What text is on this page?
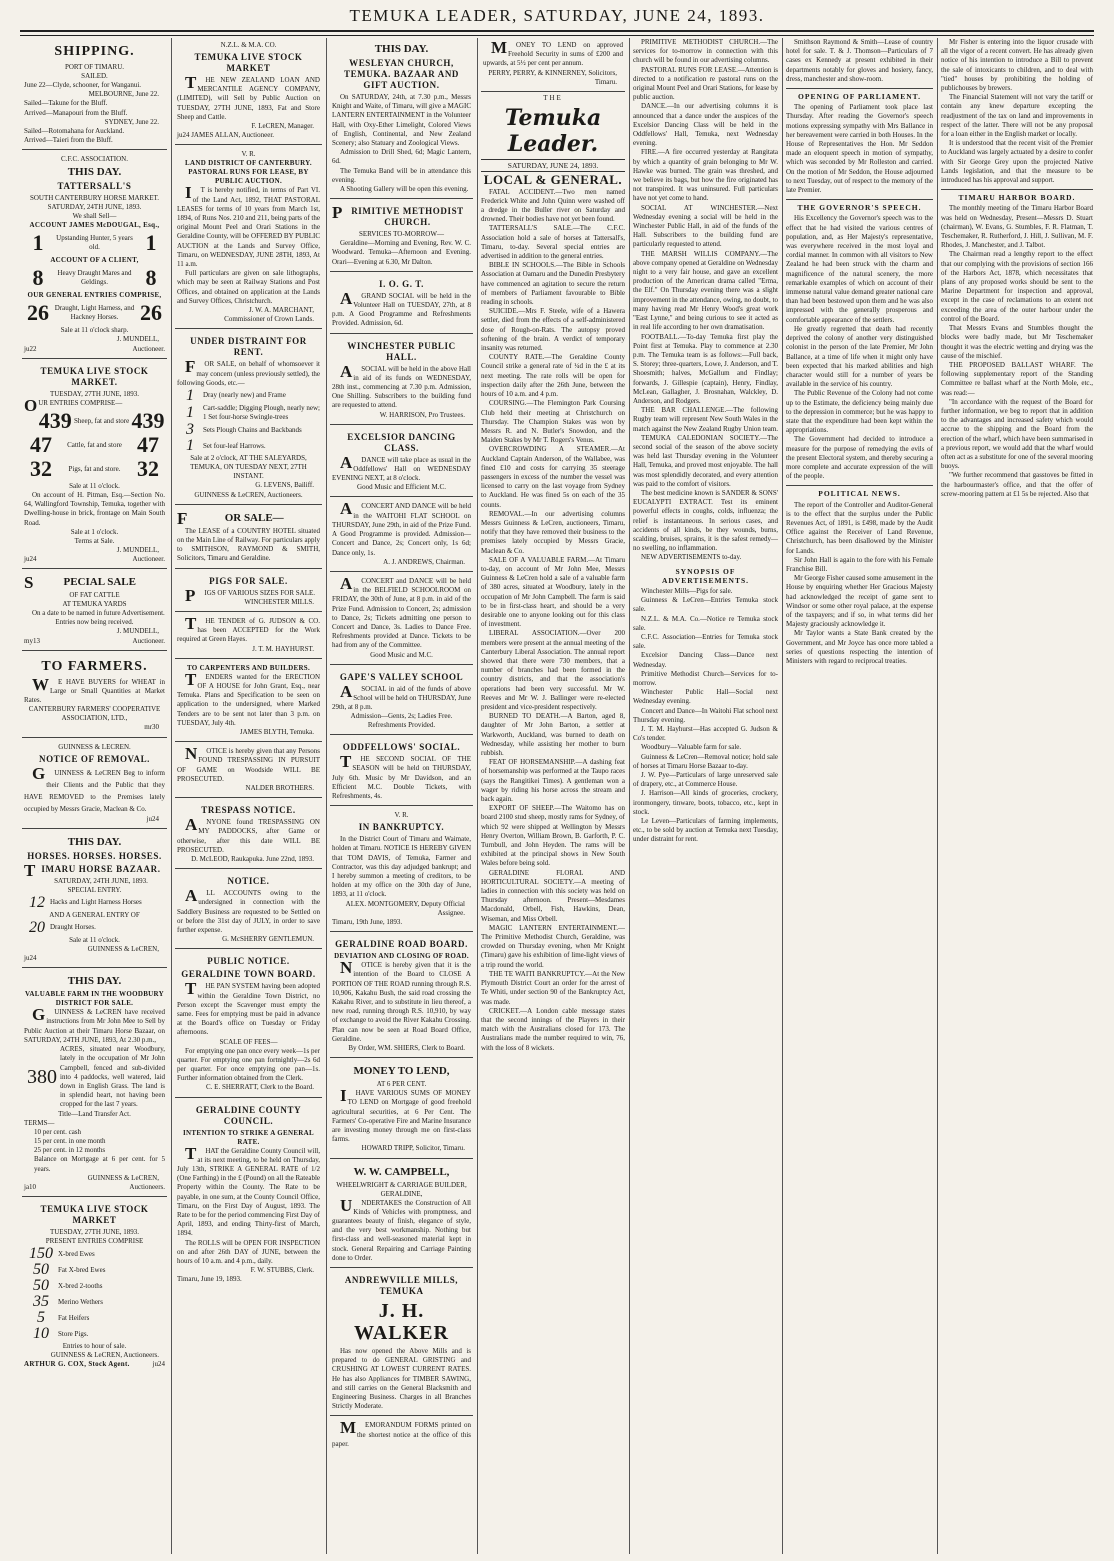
TEMUKA LEADER, SATURDAY, JUNE 24, 1893.
SHIPPING.
PORT OF TIMARU.
SAILED.
June 22—Clyde, schooner, for Wanganui.
MELBOURNE, June 22.
Sailed—Takune for the Bluff.
Arrived—Manapouri from the Bluff.
SYDNEY, June 22.
Sailed—Rotomahana for Auckland.
Arrived—Taieri from the Bluff.
C.F.C. ASSOCIATION.
THIS DAY.
TATTERSALL'S
SOUTH CANTERBURY HORSE MARKET.
SATURDAY, 24TH JUNE, 1893.
We shall Sell—
ACCOUNT JAMES McDOUGAL, Esq.,
1	Upstanding Hunter, 5 years old.	1
ACCOUNT OF A CLIENT,
8	Heavy Draught Mares and Geldings.	8
OUR GENERAL ENTRIES COMPRISE,
26 Draught, Light Harness, and Hackney Horses. 26
Sale at 11 o'clock sharp.
J. MUNDELL,
ju22	Auctioneer.
TEMUKA LIVE STOCK MARKET.
TUESDAY, 27TH JUNE, 1893.
OUR ENTRIES COMPRISE—
439 Sheep, fat and store 439
47	Cattle, fat and store 47
32	Pigs, fat and store. 32
Sale at 11 o'clock.
On account of H. Pitman, Esq.—Section No. 64, Wallingford Township, Temuka, together with Dwelling-house in brick, frontage on Main South Road.
Sale at 1 o'clock.
Terms at Sale.
J. MUNDELL,
ju24	Auctioneer.
SPECIAL SALE
OF FAT CATTLE
AT TEMUKA YARDS
On a date to be named in future Advertisement.
Entries now being received.
J. MUNDELL,
my13	Auctioneer.
TO FARMERS.
WE HAVE BUYERS for WHEAT in Large or Small Quantities at Market Rates.
CANTERBURY FARMERS' COOPERATIVE ASSOCIATION, LTD.,
mr30
GUINNESS & LECREN.
NOTICE OF REMOVAL.
GUINNESS & LeCREN Beg to inform their Clients and the Public that they HAVE REMOVED to the Premises lately occupied by Messrs Gracie, Maclean & Co.
ju24
THIS DAY.
HORSES. HORSES. HORSES.
TIMARU HORSE BAZAAR.
SATURDAY, 24TH JUNE, 1893.
SPECIAL ENTRY.
12 Hacks and Light Harness Horses
AND A GENERAL ENTRY OF
20 Draught Horses.
Sale at 11 o'clock.
GUINNESS & LeCREN,
ju24
THIS DAY.
VALUABLE FARM IN THE WOODBURY DISTRICT FOR SALE.
GUINNESS & LeCREN have received instructions from Mr John Mee to Sell by Public Auction at their Timaru Horse Bazaar, on SATURDAY, 24TH JUNE, 1893, At 2.30 p.m.,
380
ACRES, situated near Woodbury, lately in the occupation of Mr John Campbell, fenced and sub-divided into 4 paddocks, well watered, laid down in English Grass. The land is in splendid heart, not having been cropped for the last 7 years.
Title—Land Transfer Act.
TERMS—
10 per cent. cash
15 per cent. in one month
25 per cent. in 12 months
Balance on Mortgage at 6 per cent. for 5 years.
GUINNESS & LeCREN,
ja10	Auctioneers.
TEMUKA LIVE STOCK MARKET
TUESDAY, 27TH JUNE, 1893.
PRESENT ENTRIES COMPRISE
150 X-bred Ewes
50	Fat X-bred Ewes
50	X-bred 2-tooths
35	Merino Wethers
5	Fat Heifers
10	Store Pigs.
Entries to hour of sale.
GUINNESS & LeCREN, Auctioneers.
ARTHUR G. COX, Stock Agent.	ju24
N.Z.L. & M.A. CO.
TEMUKA LIVE STOCK MARKET
THE NEW ZEALAND LOAN AND MERCANTILE AGENCY COMPANY, (LIMITED), will Sell by Public Auction on TUESDAY, 27TH JUNE, 1893, Fat and Store Sheep and Cattle.
F. LeCREN, Manager.
ju24 JAMES ALLAN, Auctioneer.
V. R.
LAND DISTRICT OF CANTERBURY.
PASTORAL RUNS FOR LEASE, BY PUBLIC AUCTION.
IT is hereby notified, in terms of Part VI. of the Land Act, 1892, THAT PASTORAL LEASES for terms of 10 years from March 1st, 1894, of Runs Nos. 210 and 211, being parts of the original Mount Peel and Orari Stations in the Geraldine County, will be OFFERED BY PUBLIC AUCTION at the Lands and Survey Office, Timaru, on WEDNESDAY, JUNE 28TH, 1893, At 11 a.m.
Full particulars are given on sale lithographs, which may be seen at Railway Stations and Post Offices, and obtained on application at the Lands and Survey Offices, Christchurch.
J. W. A. MARCHANT,
Commissioner of Crown Lands.
UNDER DISTRAINT FOR RENT.
FOR SALE, on behalf of whomsoever it may concern (unless previously settled), the following Goods, etc.—
1	Dray (nearly new) and Frame
1	Cart-saddle; Digging Plough, nearly new; 1 Set four-horse Swingle-trees
3	Sets Plough Chains and Backbands
1	Set four-leaf Harrows.
Sale at 2 o'clock, AT THE SALEYARDS, TEMUKA, ON TUESDAY NEXT, 27TH INSTANT.
G. LEVENS, Bailiff.
GUINNESS & LeCREN, Auctioneers.
FOR SALE—
The LEASE of a COUNTRY HOTEL situated on the Main Line of Railway. For particulars apply to SMITHSON, RAYMOND & SMITH, Solicitors, Timaru and Geraldine.
PIGS FOR SALE.
PIGS OF VARIOUS SIZES FOR SALE.
WINCHESTER MILLS.
THE TENDER of G. JUDSON & CO. has been ACCEPTED for the Work required at Green Hayes.
J. T. M. HAYHURST.
TO CARPENTERS AND BUILDERS.
TENDERS wanted for the ERECTION OF A HOUSE for John Grant, Esq., near Temuka. Plans and Specification to be seen on application to the undersigned, where Marked Tenders are to be sent not later than 3 p.m. on TUESDAY, July 4th.
JAMES BLYTH, Temuka.
NOTICE is hereby given that any Persons FOUND TRESPASSING IN PURSUIT OF GAME on Woodside WILL BE PROSECUTED.
NALDER BROTHERS.
TRESPASS NOTICE.
ANYONE found TRESPASSING ON MY PADDOCKS, after Game or otherwise, after this date WILL BE PROSECUTED.
D. McLEOD, Raukapuka. June 22nd, 1893.
NOTICE.
ALL ACCOUNTS owing to the undersigned in connection with the Saddlery Business are requested to be Settled on or before the 31st day of JULY, in order to save further expense.
G. McSHERRY GENTLEMUN.
PUBLIC NOTICE.
GERALDINE TOWN BOARD.
THE PAN SYSTEM having been adopted within the Geraldine Town District, no Person except the Scavenger must empty the same. Fees for emptying must be paid in advance at the Board's office on Tuesday or Friday afternoons.
SCALE OF FEES—
For emptying one pan once every week—1s per quarter. For emptying one pan fortnightly—2s 6d per quarter. For once emptying one pan—1s. Further information obtained from the Clerk.
C. E. SHERRATT, Clerk to the Board.
GERALDINE COUNTY COUNCIL.
INTENTION TO STRIKE A GENERAL RATE.
THAT the Geraldine County Council will, at its next meeting, to be held on Thursday, July 13th, STRIKE A GENERAL RATE of 1/2 (One Farthing) in the £ (Pound) on all the Rateable Property within the County. The Rate to be payable, in one sum, at the County Council Office, Timaru, on the First Day of August, 1893. The Rate to be for the period commencing First Day of April, 1893, and ending Thirty-first of March, 1894.
The ROLLS will be OPEN FOR INSPECTION on and after 26th DAY of JUNE, between the hours of 10 a.m. and 4 p.m., daily.
F. W. STUBBS, Clerk.
Timaru, June 19, 1893.
THIS DAY.
WESLEYAN CHURCH, TEMUKA. BAZAAR AND GIFT AUCTION.
On SATURDAY, 24th, at 7.30 p.m., Messrs Knight and Waite, of Timaru, will give a MAGIC LANTERN ENTERTAINMENT in the Volunteer Hall, with Oxy-Ether Limelight, Colored Views of English, Continental, and New Zealand Scenery; also Statuary and Zoological Views.
Admission to Drill Shed, 6d; Magic Lantern, 6d.
The Temuka Band will be in attendance this evening.
A Shooting Gallery will be open this evening.
PRIMITIVE METHODIST CHURCH.
SERVICES TO-MORROW—
Geraldine—Morning and Evening, Rev. W. C. Woodward. Temuka—Afternoon and Evening. Orari—Evening at 6.30, Mr Dalton.
I. O. G. T.
AGRAND SOCIAL will be held in the Volunteer Hall on TUESDAY, 27th, at 8 p.m. A Good Programme and Refreshments Provided. Admission, 6d.
WINCHESTER PUBLIC HALL.
ASOCIAL will be held in the above Hall in aid of its funds on WEDNESDAY, 28th inst., commencing at 7.30 p.m. Admission, One Shilling. Subscribers to the building fund are requested to attend.
W. HARRISON, Pro Trustees.
EXCELSIOR DANCING CLASS.
ADANCE will take place as usual in the Oddfellows' Hall on WEDNESDAY EVENING NEXT, at 8 o'clock.
Good Music and Efficient M.C.
ACONCERT AND DANCE will be held in the WAITOHI FLAT SCHOOL on THURSDAY, June 29th, in aid of the Prize Fund. A Good Programme is provided. Admission—Concert and Dance, 2s; Concert only, 1s 6d; Dance only, 1s.
A. J. ANDREWS, Chairman.
ACONCERT and DANCE will be held in the BELFIELD SCHOOLROOM on FRIDAY, the 30th of June, at 8 p.m. in aid of the Prize Fund. Admission to Concert, 2s; admission to Dance, 2s; Tickets admitting one person to Concert and Dance, 3s. Ladies to Dance Free. Refreshments provided at Dance. Tickets to be had from any of the Committee.
Good Music and M.C.
GAPE'S VALLEY SCHOOL
ASOCIAL in aid of the funds of above School will be held on THURSDAY, June 29th, at 8 p.m.
Admission—Gents, 2s; Ladies Free. Refreshments Provided.
ODDFELLOWS' SOCIAL.
THE SECOND SOCIAL OF THE SEASON will be held on THURSDAY, July 6th. Music by Mr Davidson, and an Efficient M.C. Double Tickets, with Refreshments, 4s.
V. R.
IN BANKRUPTCY.
In the District Court of Timaru and Waimate, holden at Timaru. NOTICE IS HEREBY GIVEN that TOM DAVIS, of Temuka, Farmer and Contractor, was this day adjudged bankrupt; and I hereby summon a meeting of creditors, to be holden at my office on the 30th day of June, 1893, at 11 o'clock.
ALEX. MONTGOMERY, Deputy Official Assignee.
Timaru, 19th June, 1893.
GERALDINE ROAD BOARD.
DEVIATION AND CLOSING OF ROAD.
NOTICE is hereby given that it is the intention of the Board to CLOSE A PORTION OF THE ROAD running through R.S. 10,906, Kakahu Bush, the said road crossing the Kakahu River, and to substitute in lieu thereof, a new road, running through R.S. 10,910, by way of exchange to avoid the River Kakahu Crossing. Plan can now be seen at Road Board Office, Geraldine.
By Order, WM. SHIERS, Clerk to Board.
MONEY TO LEND,
AT 6 PER CENT.
IHAVE VARIOUS SUMS OF MONEY TO LEND on Mortgage of good freehold agricultural securities, at 6 Per Cent. The Farmers' Co-operative Fire and Marine Insurance are investing money through me on first-class farms.
HOWARD TRIPP, Solicitor, Timaru.
W. W. CAMPBELL,
WHEELWRIGHT & CARRIAGE BUILDER, GERALDINE,
UNDERTAKES the Construction of All Kinds of Vehicles with promptness, and guarantees beauty of finish, elegance of style, and the very best workmanship. Nothing but first-class and well-seasoned material kept in stock. General Repairing and Carriage Painting done to Order.
ANDREWVILLE MILLS, TEMUKA
J. H. WALKER
Has now opened the Above Mills and is prepared to do GENERAL GRISTING and CRUSHING AT LOWEST CURRENT RATES. He has also Appliances for TIMBER SAWING, and still carries on the General Blacksmith and Engineering Business. Charges in all Branches Strictly Moderate.
MEMORANDUM FORMS printed on the shortest notice at the office of this paper.
MONEY TO LEND on approved Freehold Security in sums of £200 and upwards, at 5½ per cent per annum.
PERRY, PERRY, & KINNERNEY, Solicitors, Timaru.
THE
Temuka Leader.
SATURDAY, JUNE 24, 1893.
LOCAL & GENERAL.

FATAL ACCIDENT.—Two men named Frederick White and John Quinn were washed off a dredge in the Buller river on Saturday and drowned. Their bodies have not yet been found.

TATTERSALL'S SALE.—The C.F.C. Association hold a sale of horses at Tattersall's, Timaru, to-day. Several special entries are advertised in addition to the general entries.

BIBLE IN SCHOOLS.—The Bible in Schools Association at Oamaru and the Dunedin Presbytery have commenced an agitation to secure the return of members of Parliament favourable to Bible reading in schools.

SUICIDE.—Mrs F. Steele, wife of a Hawera settler, died from the effects of a self-administered dose of Rough-on-Rats. The autopsy proved softening of the brain. A verdict of temporary insanity was returned.

COUNTY RATE.—The Geraldine County Council strike a general rate of ¼d in the £ at its next meeting. The rate rolls will be open for inspection daily after the 26th June, between the hours of 10 a.m. and 4 p.m.

COURSING.—The Flemington Park Coursing Club held their meeting at Christchurch on Thursday. The Champion Stakes was won by Messrs R. and N. Butler's Snowdon, and the Maiden Stakes by Mr T. Rogers's Venus.

OVERCROWDING A STEAMER.—At Auckland Captain Anderson, of the Wallabee, was fined £10 and costs for carrying 35 steerage passengers in excess of the number the vessel was licensed to carry on the last voyage from Sydney to Auckland. He was fined 5s on each of the 35 counts.

REMOVAL.—In our advertising columns Messrs Guinness & LeCren, auctioneers, Timaru, notify that they have removed their business to the premises lately occupied by Messrs Gracie, Maclean & Co.

SALE OF A VALUABLE FARM.—At Timaru to-day, on account of Mr John Mee, Messrs Guinness & LeCren hold a sale of a valuable farm of 380 acres, situated at Woodbury, lately in the occupation of Mr John Campbell. The farm is said to be in first-class heart, and should be a very desirable one to anyone looking out for this class of investment.

LIBERAL ASSOCIATION.—Over 200 members were present at the annual meeting of the Canterbury Liberal Association. The annual report showed that there were 730 members, that a number of branches had been formed in the country districts, and that the association's operations had been very successful. Mr W. Reeves and Mr W. J. Ballinger were re-elected president and vice-president respectively.

BURNED TO DEATH.—A Barton, aged 8, daughter of Mr John Barton, a settler at Warkworth, Auckland, was burned to death on Wednesday, while assisting her mother to burn rubbish.

FEAT OF HORSEMANSHIP.—A dashing feat of horsemanship was performed at the Taupo races (says the Rangitikei Times). A gentleman won a wager by riding his horse across the stream and back again.

EXPORT OF SHEEP.—The Waitomo has on board 2100 stud sheep, mostly rams for Sydney, of which 92 were shipped at Wellington by Messrs Henry Overton, William Brown, B. Garforth, P. C. Turnbull, and John Heyden. The rams will be exhibited at the principal shows in New South Wales before being sold.

GERALDINE FLORAL AND HORTICULTURAL SOCIETY.—A meeting of ladies in connection with this society was held on Thursday afternoon. Present—Mesdames Macdonald, Orbell, Fish, Hawkins, Dean, Wiseman, and Miss Orbell.

MAGIC LANTERN ENTERTAINMENT.—The Primitive Methodist Church, Geraldine, was crowded on Thursday evening, when Mr Knight (Timaru) gave his exhibition of lime-light views of a trip round the world.

THE TE WAITI BANKRUPTCY.—At the New Plymouth District Court an order for the arrest of Te Whiti, under section 90 of the Bankruptcy Act, was made.

CRICKET.—A London cable message states that the second innings of the Players in their match with the Australians closed for 173. The Australians made the number required to win, 76, with the loss of 8 wickets.

PRIMITIVE METHODIST CHURCH.—The services for to-morrow in connection with this church will be found in our advertising columns.

PASTORAL RUNS FOR LEASE.—Attention is directed to a notification re pastoral runs on the original Mount Peel and Orari Stations, for lease by public auction.

DANCE.—In our advertising columns it is announced that a dance under the auspices of the Excelsior Dancing Class will be held in the Oddfellows' Hall, Temuka, next Wednesday evening.

FIRE.—A fire occurred yesterday at Rangitata by which a quantity of grain belonging to Mr W. Hawke was burned. The grain was threshed, and we believe its bags, but how the fire originated has not transpired. It was uninsured. Full particulars have not yet come to hand.

SOCIAL AT WINCHESTER.—Next Wednesday evening a social will be held in the Winchester Public Hall, in aid of the funds of the Hall. Subscribers to the building fund are particularly requested to attend.

THE MARSH WILLIS COMPANY.—The above company opened at Geraldine on Wednesday night to a very fair house, and gave an excellent production of the American drama called "Erma, the Elf." On Thursday evening there was a slight improvement in the attendance, owing, no doubt, to many having read Mr Henry Wood's great work "East Lynne," and being curious to see it acted as in real life according to her own dramatisation.

FOOTBALL.—To-day Temuka first play the Point first at Temuka. Play to commence at 2.30 p.m. The Temuka team is as follows:—Full back, S. Storey; three-quarters, Lowe, J. Anderson, and T. Shoesmith; halves, McGallum and Findlay; forwards, J. Gillespie (captain), Henry, Findlay, McLean, Gallagher, J. Brosnahan, Walckley, D. Anderson, and Rodgers.

THE BAR CHALLENGE.—The following Rugby team will represent New South Wales in the match against the New Zealand Rugby Union team.

TEMUKA CALEDONIAN SOCIETY.—The second social of the season of the above society was held last Thursday evening in the Volunteer Hall, Temuka, and proved most enjoyable. The hall was most splendidly decorated, and every attention was paid to the comfort of visitors.

The best medicine known is SANDER & SONS' EUCALYPTI EXTRACT. Test its eminent powerful effects in coughs, colds, influenza; the relief is instantaneous. In serious cases, and accidents of all kinds, be they wounds, burns, scalding, bruises, sprains, it is the safest remedy—no swelling, no inflammation.

NEW ADVERTISEMENTS to-day.

SYNOPSIS OF ADVERTISEMENTS.

Winchester Mills—Pigs for sale.

Guinness & LeCren—Entries Temuka stock sale.

N.Z.L. & M.A. Co.—Notice re Temuka stock sale.

C.F.C. Association—Entries for Temuka stock sale.

Excelsior Dancing Class—Dance next Wednesday.

Primitive Methodist Church—Services for to-morrow.

Winchester Public Hall—Social next Wednesday evening.

Concert and Dance—In Waitohi Flat school next Thursday evening.

J. T. M. Hayhurst—Has accepted G. Judson & Co's tender.

Woodbury—Valuable farm for sale.

Guinness & LeCren—Removal notice; hold sale of horses at Timaru Horse Bazaar to-day.

J. W. Pye—Particulars of large unreserved sale of drapery, etc., at Commerce House.

J. Harrison—All kinds of groceries, crockery, ironmongery, tinware, boots, tobacco, etc., kept in stock.

Le Leven—Particulars of farming implements, etc., to be sold by auction at Temuka next Tuesday, under distraint for rent.

Smithson Raymond & Smith—Lease of country hotel for sale. T. & J. Thomson—Particulars of 7 cases ex Kennedy at present exhibited in their departments notably for gloves and hosiery, fancy, dress, manchester and show-room.

OPENING OF PARLIAMENT.

The opening of Parliament took place last Thursday. After reading the Governor's speech motions expressing sympathy with Mrs Ballance in her bereavement were carried in both Houses. In the House of Representatives the Hon. Mr Seddon made an eloquent speech in motion of sympathy, which was seconded by Mr Rolleston and carried. On the motion of Mr Seddon, the House adjourned to next Tuesday, out of respect to the memory of the late Premier.

THE GOVERNOR'S SPEECH.

His Excellency the Governor's speech was to the effect that he had visited the various centres of population, and, as Her Majesty's representative, was everywhere received in the most loyal and cordial manner. In common with all visitors to New Zealand he had been struck with the charm and magnificence of the natural scenery, the more remarkable examples of which on account of their immense natural value demand greater national care than had been bestowed upon them and he was also impressed with the generally prosperous and comfortable appearance of the settlers.

He greatly regretted that death had recently deprived the colony of another very distinguished colonist in the person of the late Premier, Mr John Ballance, at a time of life when it might only have been expected that his marked abilities and high character would still for a number of years be available in the service of his country.

The Public Revenue of the Colony had not come up to the Estimate, the deficiency being mainly due to the depression in commerce; but he was happy to state that the expenditure had been kept within the appropriations.

The Government had decided to introduce a measure for the purpose of remedying the evils of the present Electoral system, and thereby securing a more complete and accurate expression of the will of the people.

POLITICAL NEWS.

The report of the Controller and Auditor-General is to the effect that the surplus under the Public Revenues Act, of 1891, is £498, made by the Audit Office against the Receiver of Land Revenue, Christchurch, has been disallowed by the Minister for Lands.

Sir John Hall is again to the fore with his Female Franchise Bill.

Mr George Fisher caused some amusement in the House by enquiring whether Her Gracious Majesty had acknowledged the receipt of game sent to Windsor or some other royal palace, at the expense of the taxpayers; and if so, in what terms did her Majesty graciously acknowledge it.

Mr Taylor wants a State Bank created by the Government, and Mr Joyce has once more tabled a series of questions respecting the intention of Ministers with regard to reciprocal treaties.

Mr Fisher is entering into the liquor crusade with all the vigor of a recent convert. He has already given notice of his intention to introduce a Bill to prevent the sale of intoxicants to children, and to deal with "tied" houses by prohibiting the holding of publichouses by brewers.

The Financial Statement will not vary the tariff or contain any knew departure excepting the readjustment of the tax on land and improvements in respect of the latter. There will not be any proposal for a loan either in the English market or locally.

It is understood that the recent visit of the Premier to Auckland was largely actuated by a desire to confer with Sir George Grey upon the projected Native Lands legislation, and that the measure to be introduced has his approval and support.

TIMARU HARBOR BOARD.

The monthly meeting of the Timaru Harbor Board was held on Wednesday, Present—Messrs D. Stuart (chairman), W. Evans, G. Stumbles, F. R. Flatman, T. Teschemaker, R. Rutherford, J. Hill, J. Sullivan, M. F. Rhodes, J. Manchester, and J. Talbot.

The Chairman read a lengthy report to the effect that our complying with the provisions of section 166 of the Harbors Act, 1878, which necessitates that plans of any proposed works should be sent to the Marine Department for inspection and approval, except in the case of reclamations to an extent not exceeding the area of the outer harbour under the control of the Board.

That Messrs Evans and Stumbles thought the blocks were badly made, but Mr Teschemaker thought it was the electric wetting and drying was the cause of the mischief.

THE PROPOSED BALLAST WHARF. The following supplementary report of the Standing Committee re ballast wharf at the North Mole, etc., was read:—

"In accordance with the request of the Board for further information, we beg to report that in addition to the advantages and increased safety which would accrue to the shipping and the Board from the erection of the wharf, which have been summarised in a previous report, we would add that the wharf would often act as a substitute for one of the several mooring buoys.

"We further recommend that gasstoves be fitted in the harbourmaster's office, and that the offer of screw-mooring pattern at £1 5s be rejected. Also that
